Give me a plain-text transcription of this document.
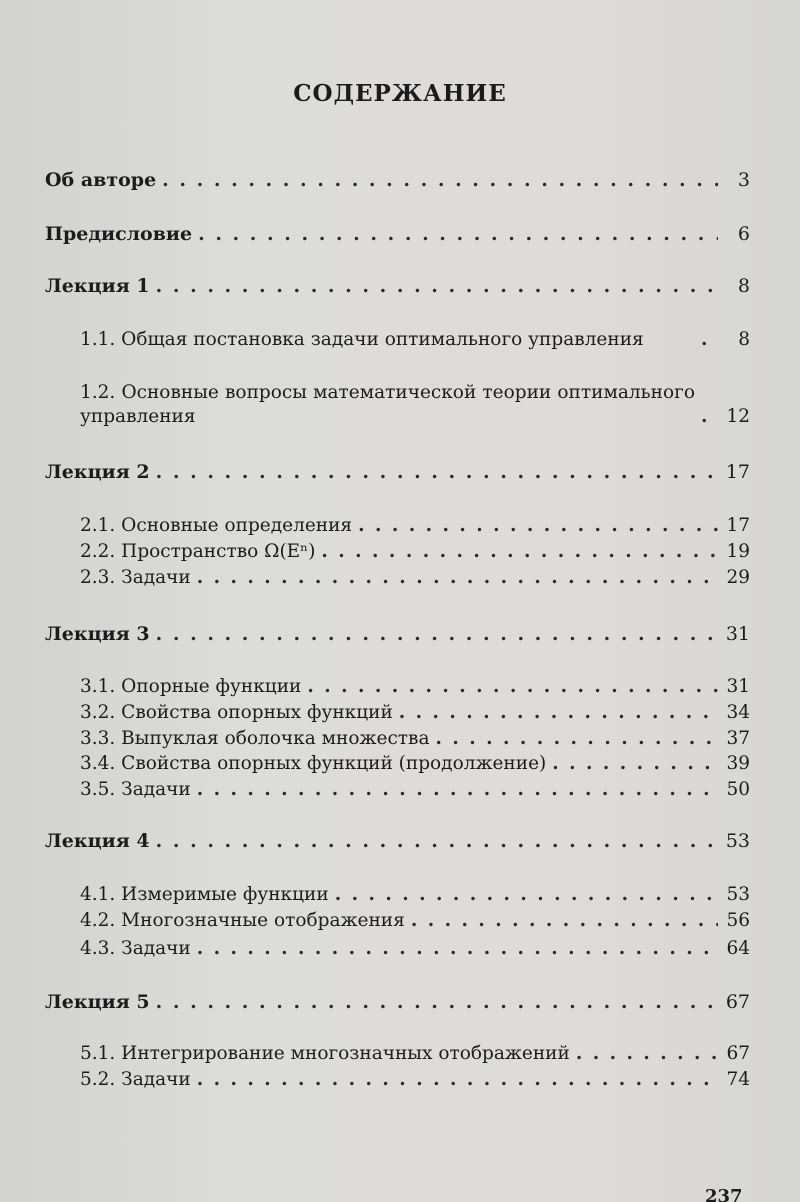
СОДЕРЖАНИЕ
Об авторе . . .	3
Предисловие . . .	6
Лекция 1 . . .	8
1.1. Общая постановка задачи оптимального управления . . .	8
1.2. Основные вопросы математической теории оптимального управления . . .	12
Лекция 2 . . .	17
2.1. Основные определения . . .	17
2.2. Пространство Ω(Eⁿ) . . .	19
2.3. Задачи . . .	29
Лекция 3 . . .	31
3.1. Опорные функции . . .	31
3.2. Свойства опорных функций . . .	34
3.3. Выпуклая оболочка множества . . .	37
3.4. Свойства опорных функций (продолжение) . . .	39
3.5. Задачи . . .	50
Лекция 4 . . .	53
4.1. Измеримые функции . . .	53
4.2. Многозначные отображения . . .	56
4.3. Задачи . . .	64
Лекция 5 . . .	67
5.1. Интегрирование многозначных отображений . . .	67
5.2. Задачи . . .	74
237
